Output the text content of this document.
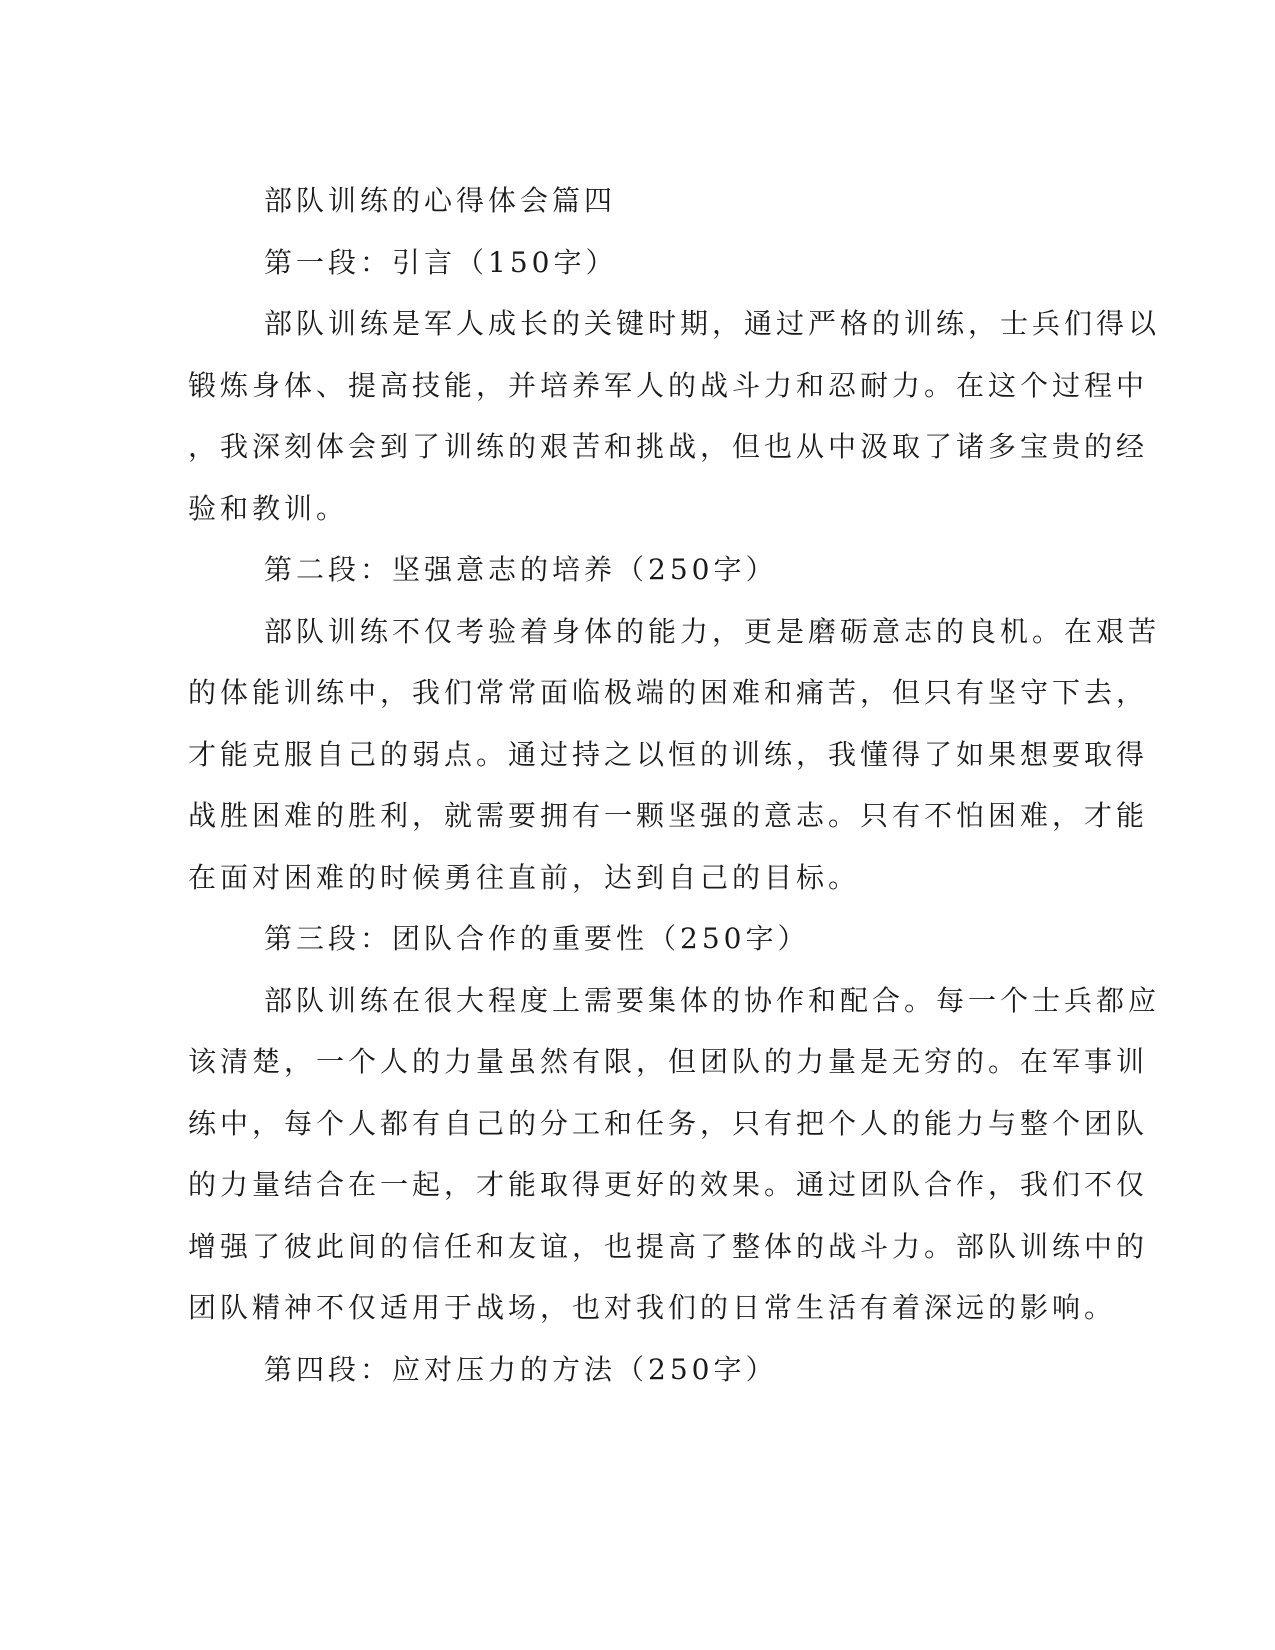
部队训练的心得体会篇四
第一段：引言（150字）
部队训练是军人成长的关键时期，通过严格的训练，士兵们得以
锻炼身体、提高技能，并培养军人的战斗力和忍耐力。在这个过程中
，我深刻体会到了训练的艰苦和挑战，但也从中汲取了诸多宝贵的经
验和教训。
第二段：坚强意志的培养（250字）
部队训练不仅考验着身体的能力，更是磨砺意志的良机。在艰苦
的体能训练中，我们常常面临极端的困难和痛苦，但只有坚守下去，
才能克服自己的弱点。通过持之以恒的训练，我懂得了如果想要取得
战胜困难的胜利，就需要拥有一颗坚强的意志。只有不怕困难，才能
在面对困难的时候勇往直前，达到自己的目标。
第三段：团队合作的重要性（250字）
部队训练在很大程度上需要集体的协作和配合。每一个士兵都应
该清楚，一个人的力量虽然有限，但团队的力量是无穷的。在军事训
练中，每个人都有自己的分工和任务，只有把个人的能力与整个团队
的力量结合在一起，才能取得更好的效果。通过团队合作，我们不仅
增强了彼此间的信任和友谊，也提高了整体的战斗力。部队训练中的
团队精神不仅适用于战场，也对我们的日常生活有着深远的影响。
第四段：应对压力的方法（250字）
